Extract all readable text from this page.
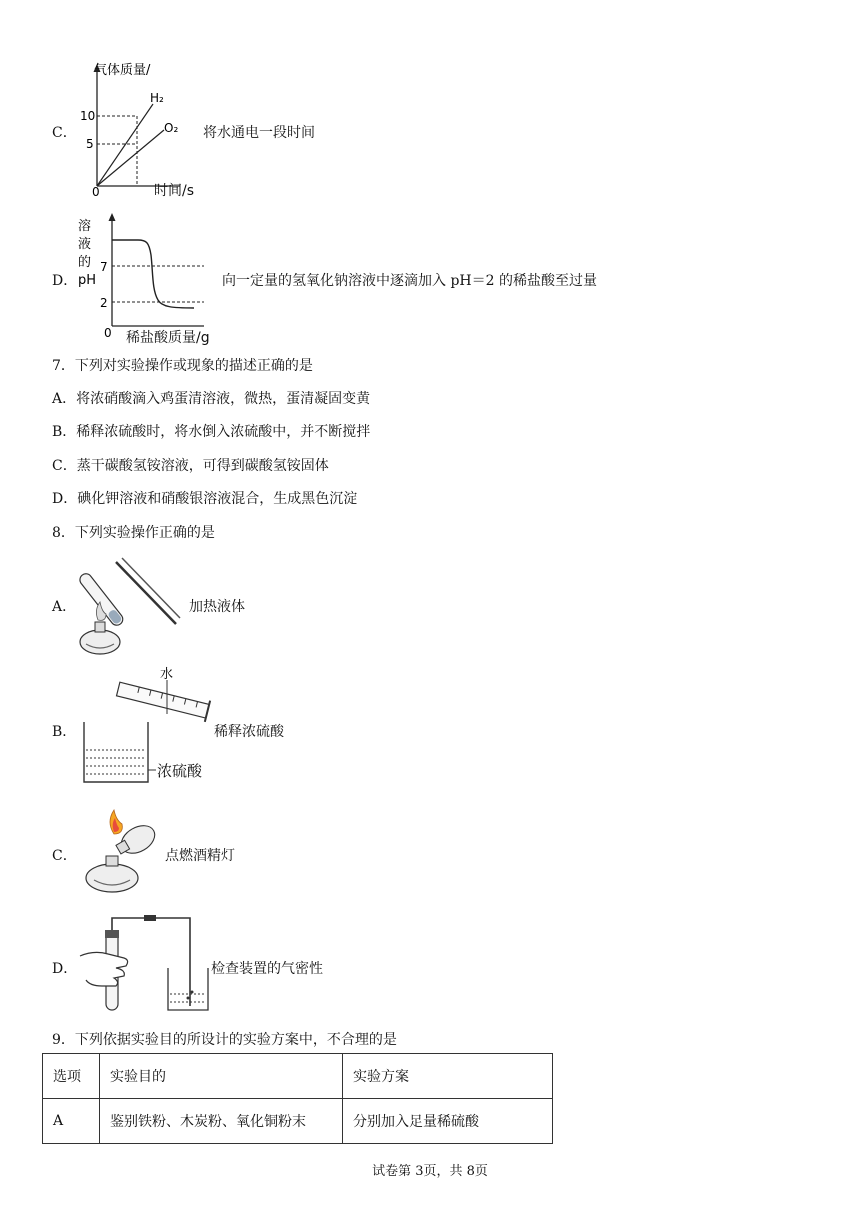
C．
气体质量/
10
5
0
H₂
O₂
时间/s
将水通电一段时间
D．
溶
液
的
pH
7
2
0 稀盐酸质量/g
向一定量的氢氧化钠溶液中逐滴加入 pH＝2 的稀盐酸至过量
7．下列对实验操作或现象的描述正确的是
A．将浓硝酸滴入鸡蛋清溶液，微热，蛋清凝固变黄
B．稀释浓硫酸时，将水倒入浓硫酸中，并不断搅拌
C．蒸干碳酸氢铵溶液，可得到碳酸氢铵固体
D．碘化钾溶液和硝酸银溶液混合，生成黑色沉淀
8．下列实验操作正确的是
A．	加热液体
B．
水
浓硫酸
稀释浓硫酸
C．	点燃酒精灯
D．	检查装置的气密性
9．下列依据实验目的所设计的实验方案中，不合理的是
选项	实验目的	实验方案
A	鉴别铁粉、木炭粉、氧化铜粉末	分别加入足量稀硫酸
试卷第 3页，共 8页
